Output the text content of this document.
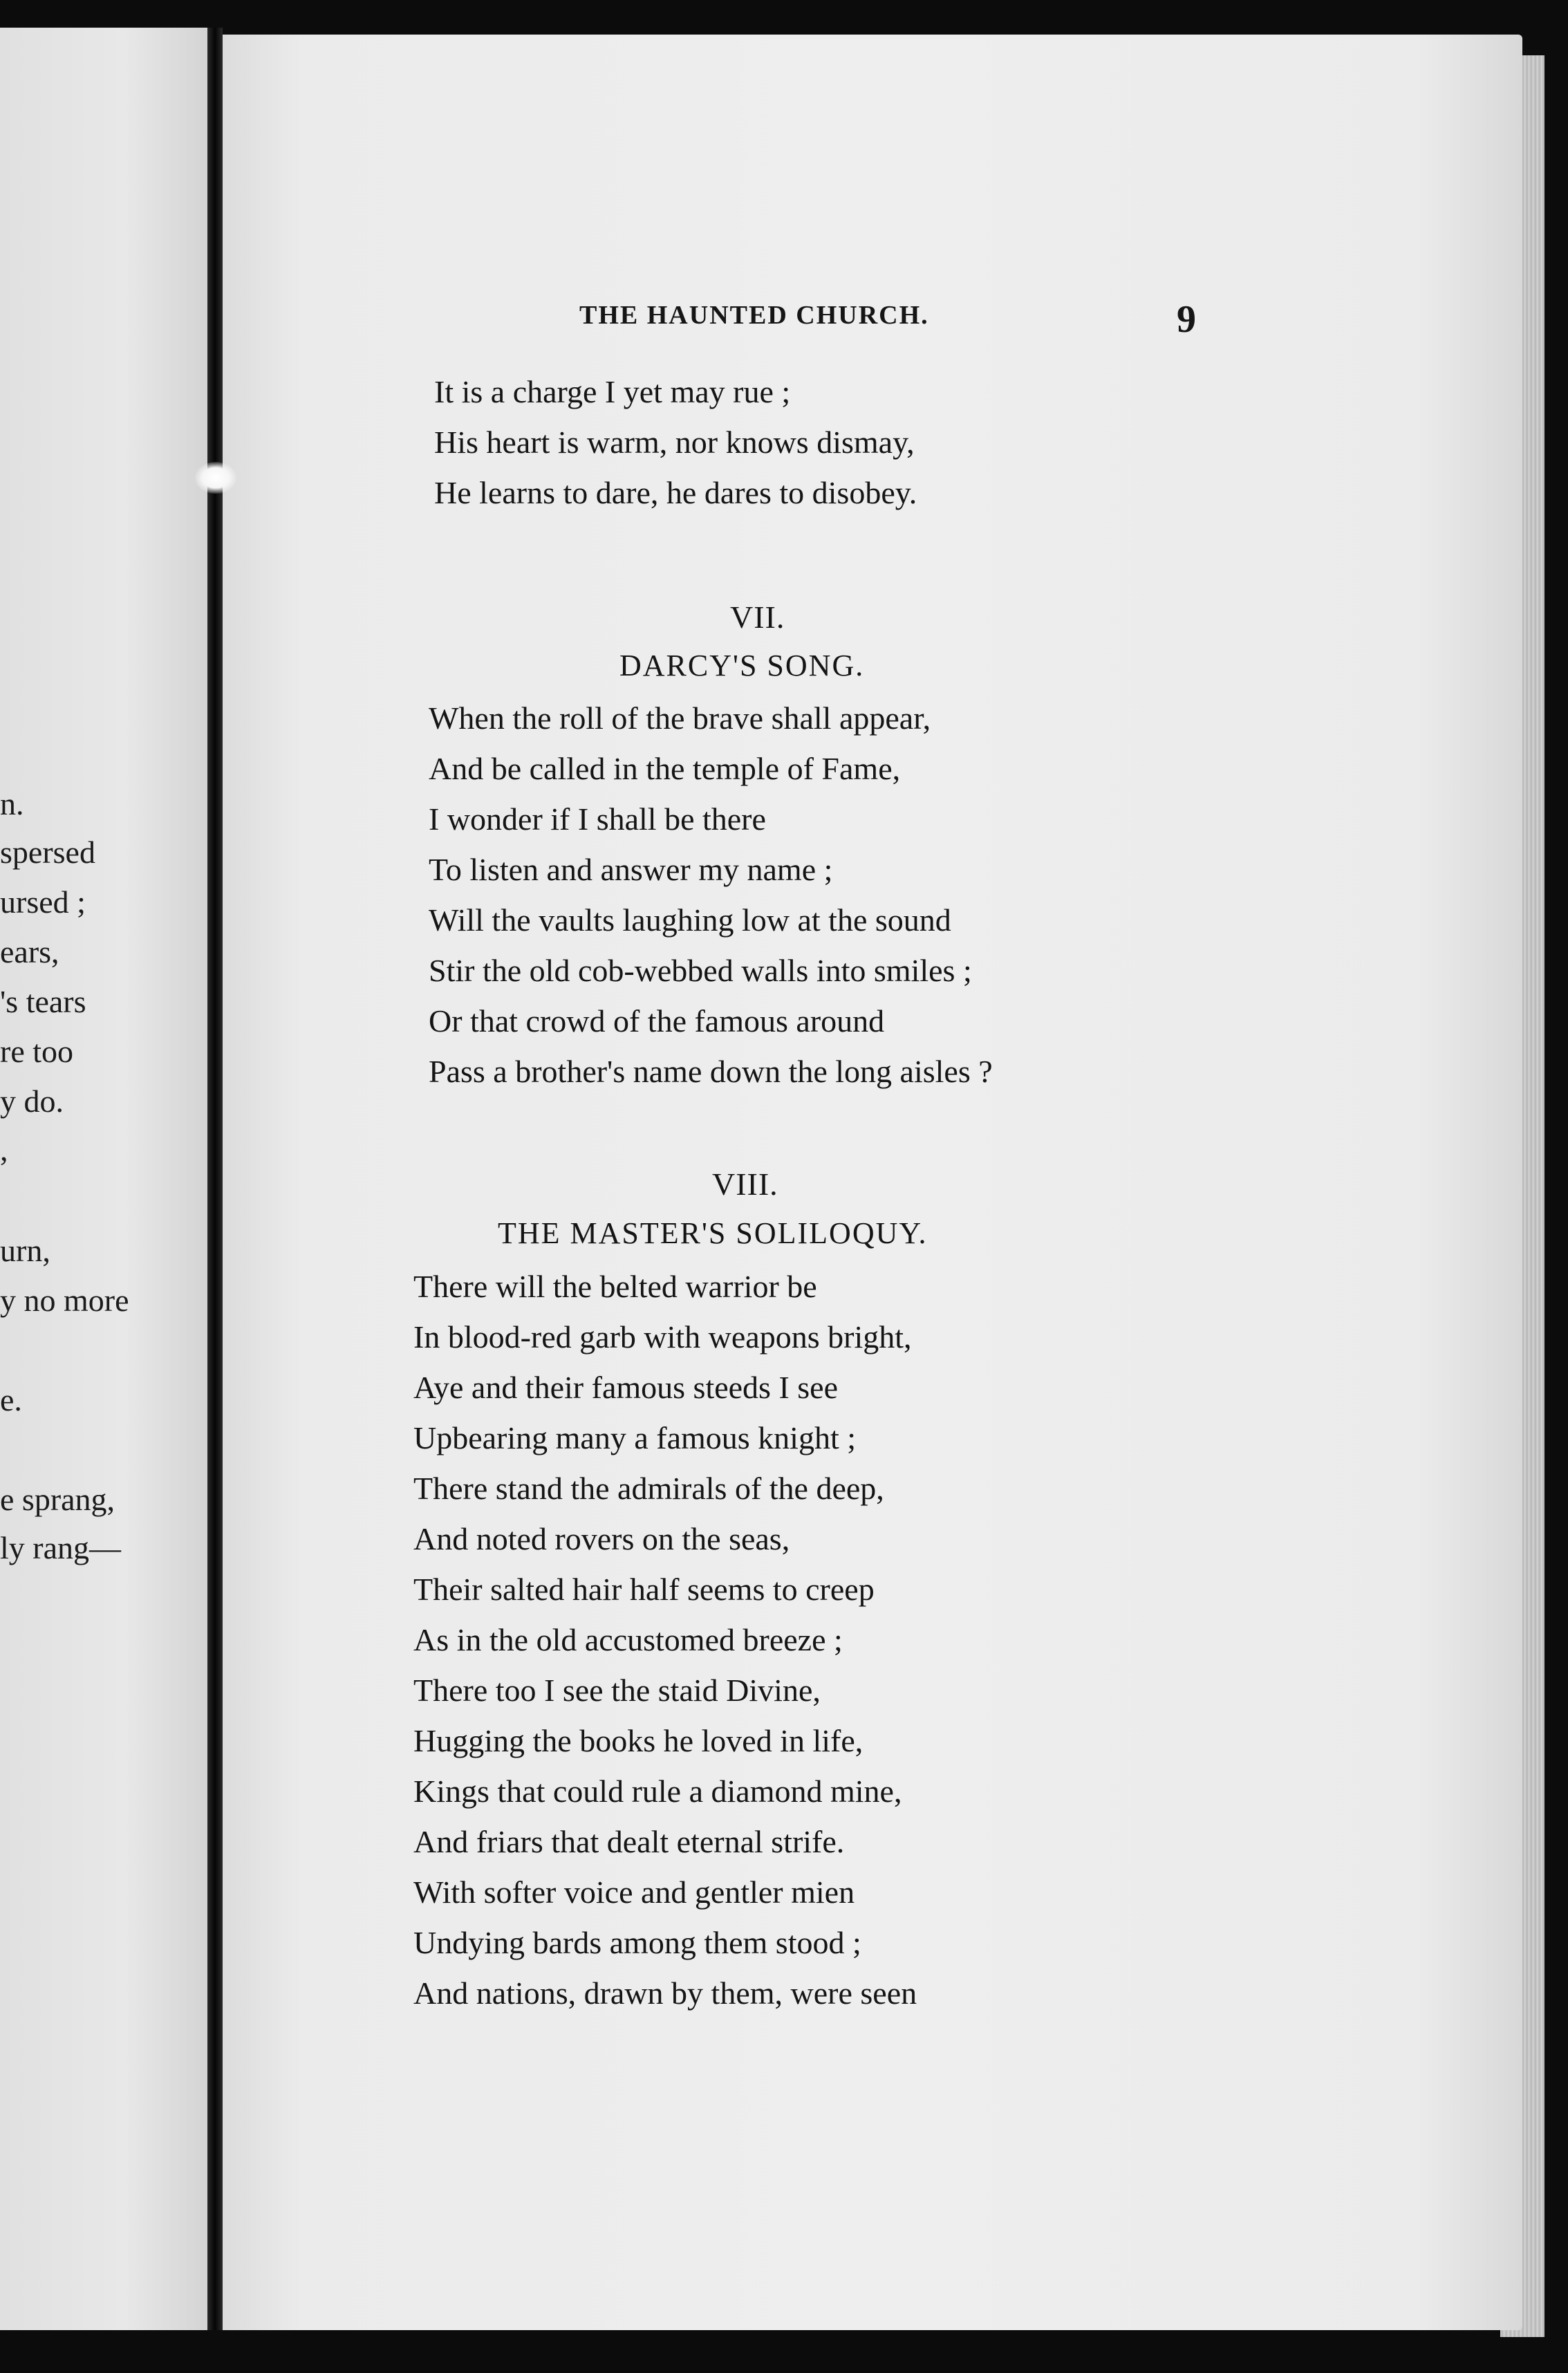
n.
spersed
ursed ;
ears,
's tears
re too
y do.
,
urn,
y no more
e.
e sprang,
ly rang—
THE HAUNTED CHURCH.	9
It is a charge I yet may rue ;
His heart is warm, nor knows dismay,
He learns to dare, he dares to disobey.
VII.
DARCY'S SONG.
When the roll of the brave shall appear,
And be called in the temple of Fame,
I wonder if I shall be there
To listen and answer my name ;
Will the vaults laughing low at the sound
Stir the old cob-webbed walls into smiles ;
Or that crowd of the famous around
Pass a brother's name down the long aisles ?
VIII.
THE MASTER'S SOLILOQUY.
There will the belted warrior be
In blood-red garb with weapons bright,
Aye and their famous steeds I see
Upbearing many a famous knight ;
There stand the admirals of the deep,
And noted rovers on the seas,
Their salted hair half seems to creep
As in the old accustomed breeze ;
There too I see the staid Divine,
Hugging the books he loved in life,
Kings that could rule a diamond mine,
And friars that dealt eternal strife.
With softer voice and gentler mien
Undying bards among them stood ;
And nations, drawn by them, were seen
